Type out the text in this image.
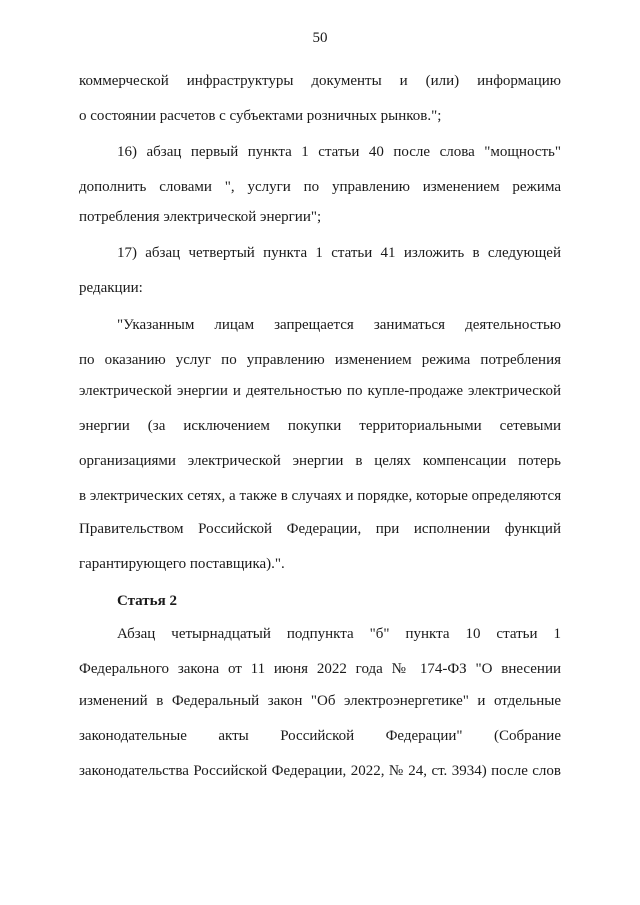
50
коммерческой инфраструктуры документы и (или) информацию
о состоянии расчетов с субъектами розничных рынков.";
16) абзац первый пункта 1 статьи 40 после слова "мощность"
дополнить словами ", услуги по управлению изменением режима
потребления электрической энергии";
17) абзац четвертый пункта 1 статьи 41 изложить в следующей
редакции:
"Указанным лицам запрещается заниматься деятельностью
по оказанию услуг по управлению изменением режима потребления
электрической энергии и деятельностью по купле-продаже электрической
энергии (за исключением покупки территориальными сетевыми
организациями электрической энергии в целях компенсации потерь
в электрических сетях, а также в случаях и порядке, которые определяются
Правительством Российской Федерации, при исполнении функций
гарантирующего поставщика).".
Статья 2
Абзац четырнадцатый подпункта "б" пункта 10 статьи 1
Федерального закона от 11 июня 2022 года № 174-ФЗ "О внесении
изменений в Федеральный закон "Об электроэнергетике" и отдельные
законодательные акты Российской Федерации" (Собрание
законодательства Российской Федерации, 2022, № 24, ст. 3934) после слов
